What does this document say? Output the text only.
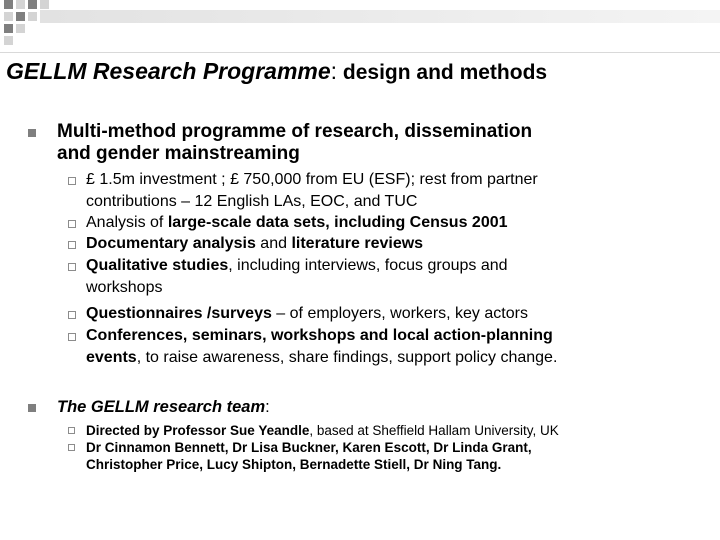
GELLM Research Programme: design and methods
Multi-method programme of research, dissemination
and gender mainstreaming
£ 1.5m investment ; £ 750,000 from EU (ESF); rest from partner
contributions – 12 English LAs, EOC, and TUC
Analysis of large-scale data sets, including Census 2001
Documentary analysis and literature reviews
Qualitative studies, including interviews, focus groups and
workshops
Questionnaires /surveys – of employers, workers, key actors
Conferences, seminars, workshops and local action-planning
events, to raise awareness, share findings, support policy change.
The GELLM research team:
Directed by Professor Sue Yeandle, based at Sheffield Hallam University, UK
Dr Cinnamon Bennett, Dr Lisa Buckner, Karen Escott, Dr Linda Grant,
Christopher Price, Lucy Shipton, Bernadette Stiell, Dr Ning Tang.
